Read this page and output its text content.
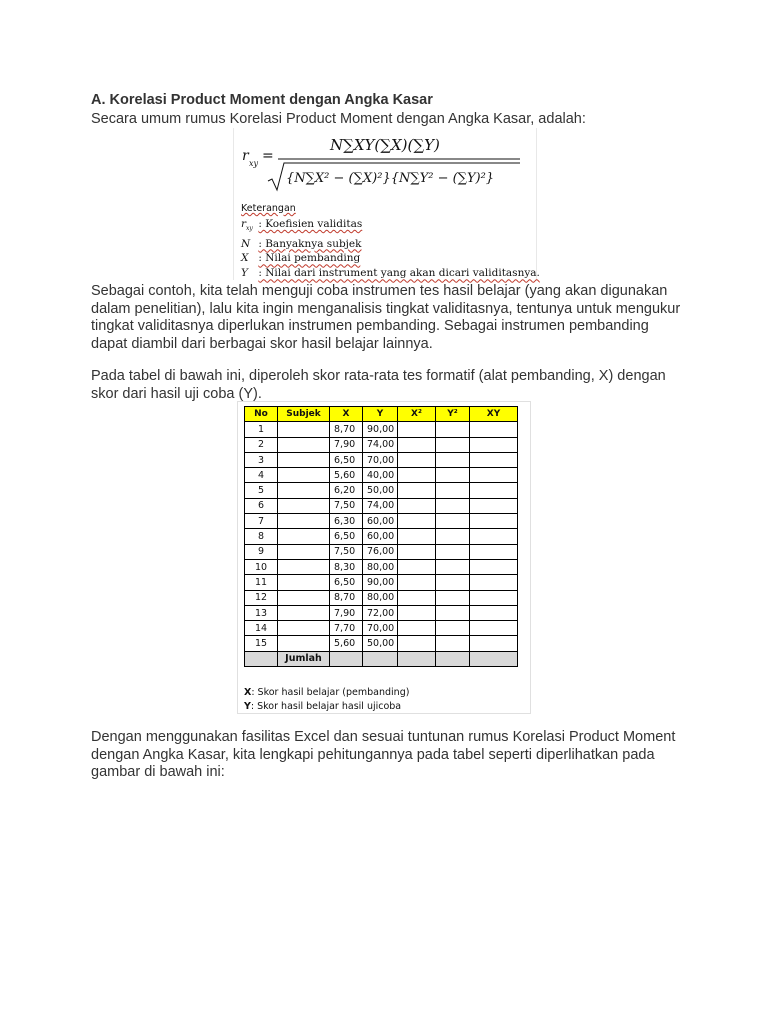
A. Korelasi Product Moment dengan Angka Kasar
Secara umum rumus Korelasi Product Moment dengan Angka Kasar, adalah:
r xy =
N∑XY(∑X)(∑Y)
{N∑X² − (∑X)²}{N∑Y² − (∑Y)²}
Keterangan
$r_{xy}$ : Koefisien validitas
N : Banyaknya subjek
X : Nilai pembanding
Y : Nilai dari instrument yang akan dicari validitasnya.
Sebagai contoh, kita telah menguji coba instrumen tes hasil belajar (yang akan digunakan
dalam penelitian), lalu kita ingin menganalisis tingkat validitasnya, tentunya untuk mengukur
tingkat validitasnya diperlukan instrumen pembanding. Sebagai instrumen pembanding
dapat diambil dari berbagai skor hasil belajar lainnya.
Pada tabel di bawah ini, diperoleh skor rata-rata tes formatif (alat pembanding, X) dengan
skor dari hasil uji coba (Y).
No	Subjek	X	Y	X²	Y²	XY
1		8,70	90,00			
2		7,90	74,00			
3		6,50	70,00			
4		5,60	40,00			
5		6,20	50,00			
6		7,50	74,00			
7		6,30	60,00			
8		6,50	60,00			
9		7,50	76,00			
10		8,30	80,00			
11		6,50	90,00			
12		8,70	80,00			
13		7,90	72,00			
14		7,70	70,00			
15		5,60	50,00			
	Jumlah					
X: Skor hasil belajar (pembanding)
Y: Skor hasil belajar hasil ujicoba
Dengan menggunakan fasilitas Excel dan sesuai tuntunan rumus Korelasi Product Moment
dengan Angka Kasar, kita lengkapi pehitungannya pada tabel seperti diperlihatkan pada
gambar di bawah ini:
